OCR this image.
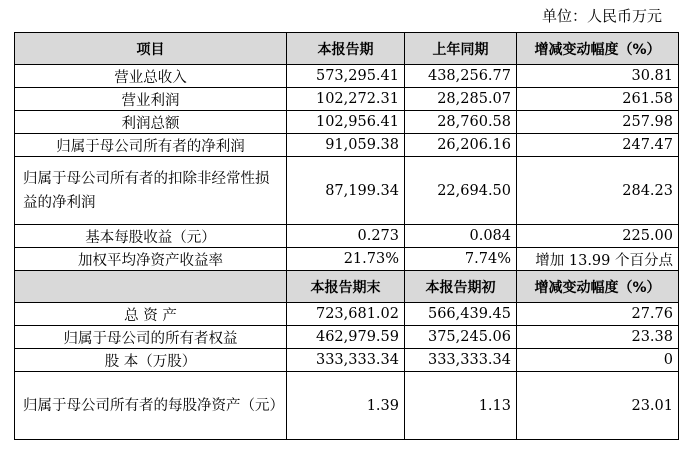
单位：人民币万元
项目	本报告期	上年同期	增减变动幅度（%）
营业总收入	573,295.41	438,256.77	30.81
营业利润	102,272.31	28,285.07	261.58
利润总额	102,956.41	28,760.58	257.98
归属于母公司所有者的净利润	91,059.38	26,206.16	247.47
归属于母公司所有者的扣除非经常性损益的净利润	87,199.34	22,694.50	284.23
基本每股收益（元）	0.273	0.084	225.00
加权平均净资产收益率	21.73%	7.74%	增加 13.99 个百分点
	本报告期末	本报告期初	增减变动幅度（%）
总 资 产	723,681.02	566,439.45	27.76
归属于母公司的所有者权益	462,979.59	375,245.06	23.38
股 本（万股）	333,333.34	333,333.34	0
归属于母公司所有者的每股净资产（元）	1.39	1.13	23.01
